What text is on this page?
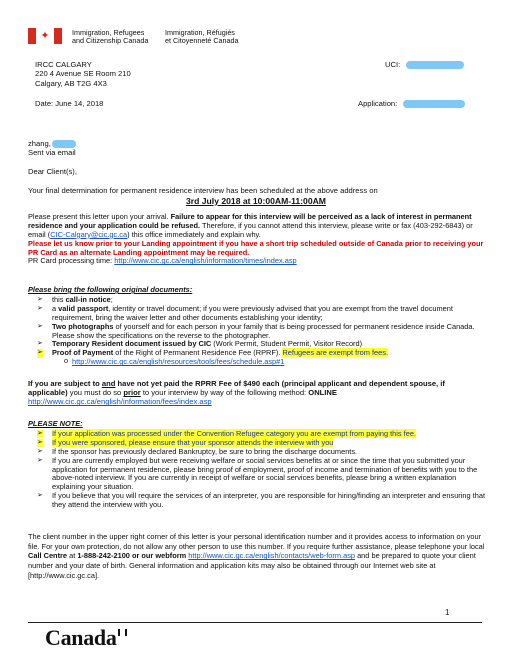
✦	Immigration, Refugees
and Citizenship Canada
Immigration, Réfugiés
et Citoyenneté Canada
IRCC CALGARY
220 4 Avenue SE Room 210
Calgary, AB T2G 4X3
UCI:
Date: June 14, 2018	Application:
zhang,
Sent via email
Dear Client(s),
Your final determination for permanent residence interview has been scheduled at the above address on
3rd July 2018 at 10:00AM-11:00AM
Please present this letter upon your arrival. Failure to appear for this interview will be perceived as a lack of interest in permanent residence and your application could be refused. Therefore, if you cannot attend this interview, please write or fax (403-292-6843) or email (CIC-Calgary@cic.gc.ca) this office immediately and explain why.
Please let us know prior to your Landing appointment if you have a short trip scheduled outside of Canada prior to receiving your PR Card as an alternate Landing appointment may be required.
PR Card processing time: http://www.cic.gc.ca/english/information/times/index.asp
Please bring the following original documents:
➢ this call-in notice;
➢ a valid passport, identity or travel document; if you were previously advised that you are exempt from the travel document requirement, bring the waiver letter and other documents establishing your identity;
➢ Two photographs of yourself and for each person in your family that is being processed for permanent residence inside Canada. Please show the specifications on the reverse to the photographer.
➢ Temporary Resident document issued by CIC (Work Permit, Student Permit, Visitor Record)
➢ Proof of Payment of the Right of Permanent Residence Fee (RPRF). Refugees are exempt from fees.
o http://www.cic.gc.ca/english/resources/tools/fees/schedule.asp#1
If you are subject to and have not yet paid the RPRR Fee of $490 each (principal applicant and dependent spouse, if applicable) you must do so prior to your interview by way of the following method: ONLINE
http://www.cic.gc.ca/english/information/fees/index.asp
PLEASE NOTE:
➢ If your application was processed under the Convention Refugee category you are exempt from paying this fee.
➢ If you were sponsored, please ensure that your sponsor attends the interview with you
➢ If the sponsor has previously declared Bankruptcy, be sure to bring the discharge documents.
➢ If you are currently employed but were receiving welfare or social services benefits at or since the time that you submitted your application for permanent residence, please bring proof of employment, proof of income and termination of benefits with you to the above-noted interview. If you are currently in receipt of welfare or social services benefits, please bring a written explanation explaining your situation.
➢ If you believe that you will require the services of an interpreter, you are responsible for hiring/finding an interpreter and ensuring that they attend the interview with you.
The client number in the upper right corner of this letter is your personal identification number and it provides access to information on your file. For your own protection, do not allow any other person to use this number. If you require further assistance, please telephone your local Call Centre at 1-888-242-2100 or our webform http://www.cic.gc.ca/english/contacts/web-form.asp and be prepared to quote your client number and your date of birth. General information and application kits may also be obtained through our Internet web site at [http://www.cic.gc.ca].
1
Canada
